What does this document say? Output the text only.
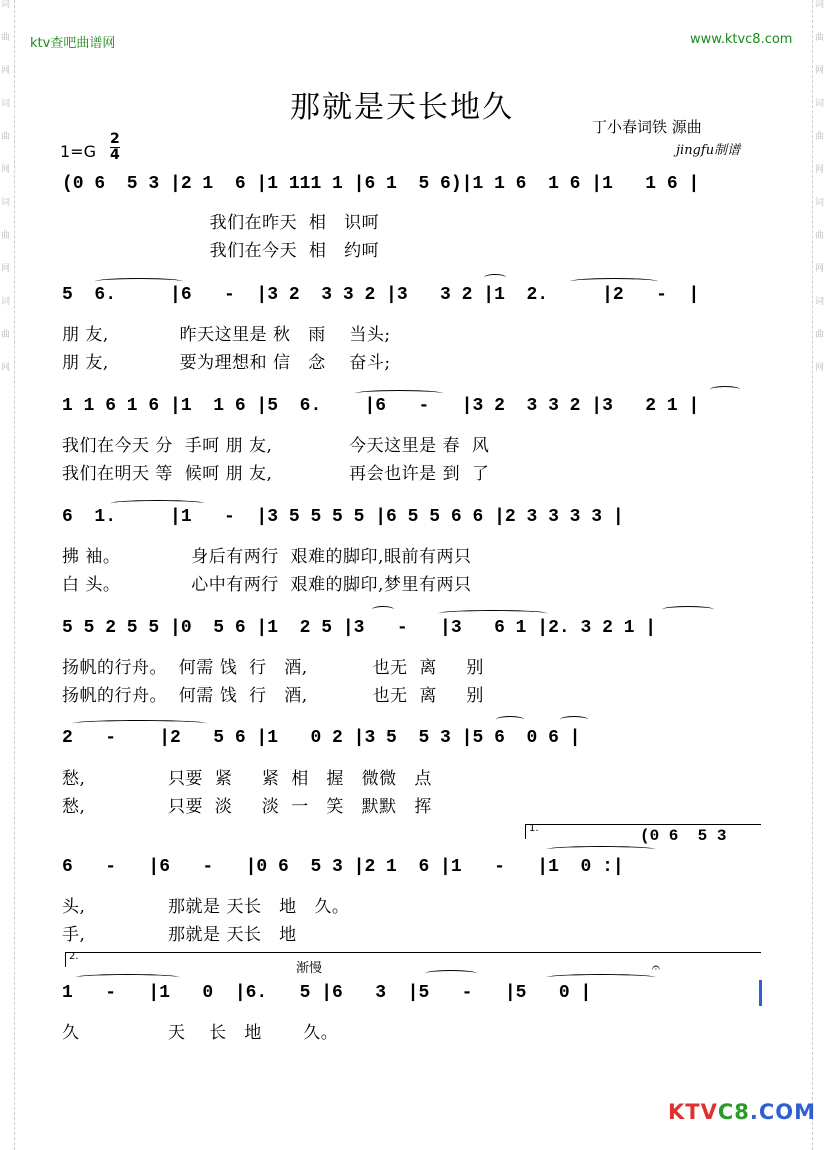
词
曲
网
词
曲
网
词
曲
网
词
曲
网
词
曲
网
词
曲
网
词
曲
网
词
曲
网
ktv查吧曲谱网	www.ktvc8.com
那就是天长地久
丁小春词铁 源曲
jingfu制谱
$1=G \frac{2}{4}$
(0 6  5 3 |2 1  6 |1 111 1 |6 1  5 6)|1 1 6  1 6 |1   1 6 |
我们在昨天  相   识呵
我们在今天  相   约呵
5  6.     |6   -  |3 2  3 3 2 |3   3 2 |1  2.     |2   -  |
朋 友,            昨天这里是 秋   雨    当头;
朋 友,            要为理想和 信   念    奋斗;
1 1 6 1 6 |1  1 6 |5  6.    |6   -   |3 2  3 3 2 |3   2 1 |
我们在今天 分  手呵 朋 友,             今天这里是 春  风
我们在明天 等  候呵 朋 友,             再会也许是 到  了
6  1.     |1   -  |3 5 5 5 5 |6 5 5 6 6 |2 3 3 3 3 |
拂 袖。            身后有两行  艰难的脚印,眼前有两只
白 头。            心中有两行  艰难的脚印,梦里有两只
5 5 2 5 5 |0  5 6 |1  2 5 |3   -   |3   6 1 |2. 3 2 1 |
扬帆的行舟。  何需 饯  行   酒,           也无  离     别
扬帆的行舟。  何需 饯  行   酒,           也无  离     别
2   -    |2   5 6 |1   0 2 |3 5  5 3 |5 6  0 6 |
愁,              只要  紧     紧  相   握   微微   点
愁,              只要  淡     淡  一   笑   默默   挥
1.	(0 6  5 3
6   -   |6   -   |0 6  5 3 |2 1  6 |1   -   |1  0 :|
头,              那就是 天长   地   久。
手,              那就是 天长   地
2.
渐慢	𝄐
1   -   |1   0  |6.   5 |6   3  |5   -   |5   0 |
久               天    长   地       久。
KTVC8.COM
